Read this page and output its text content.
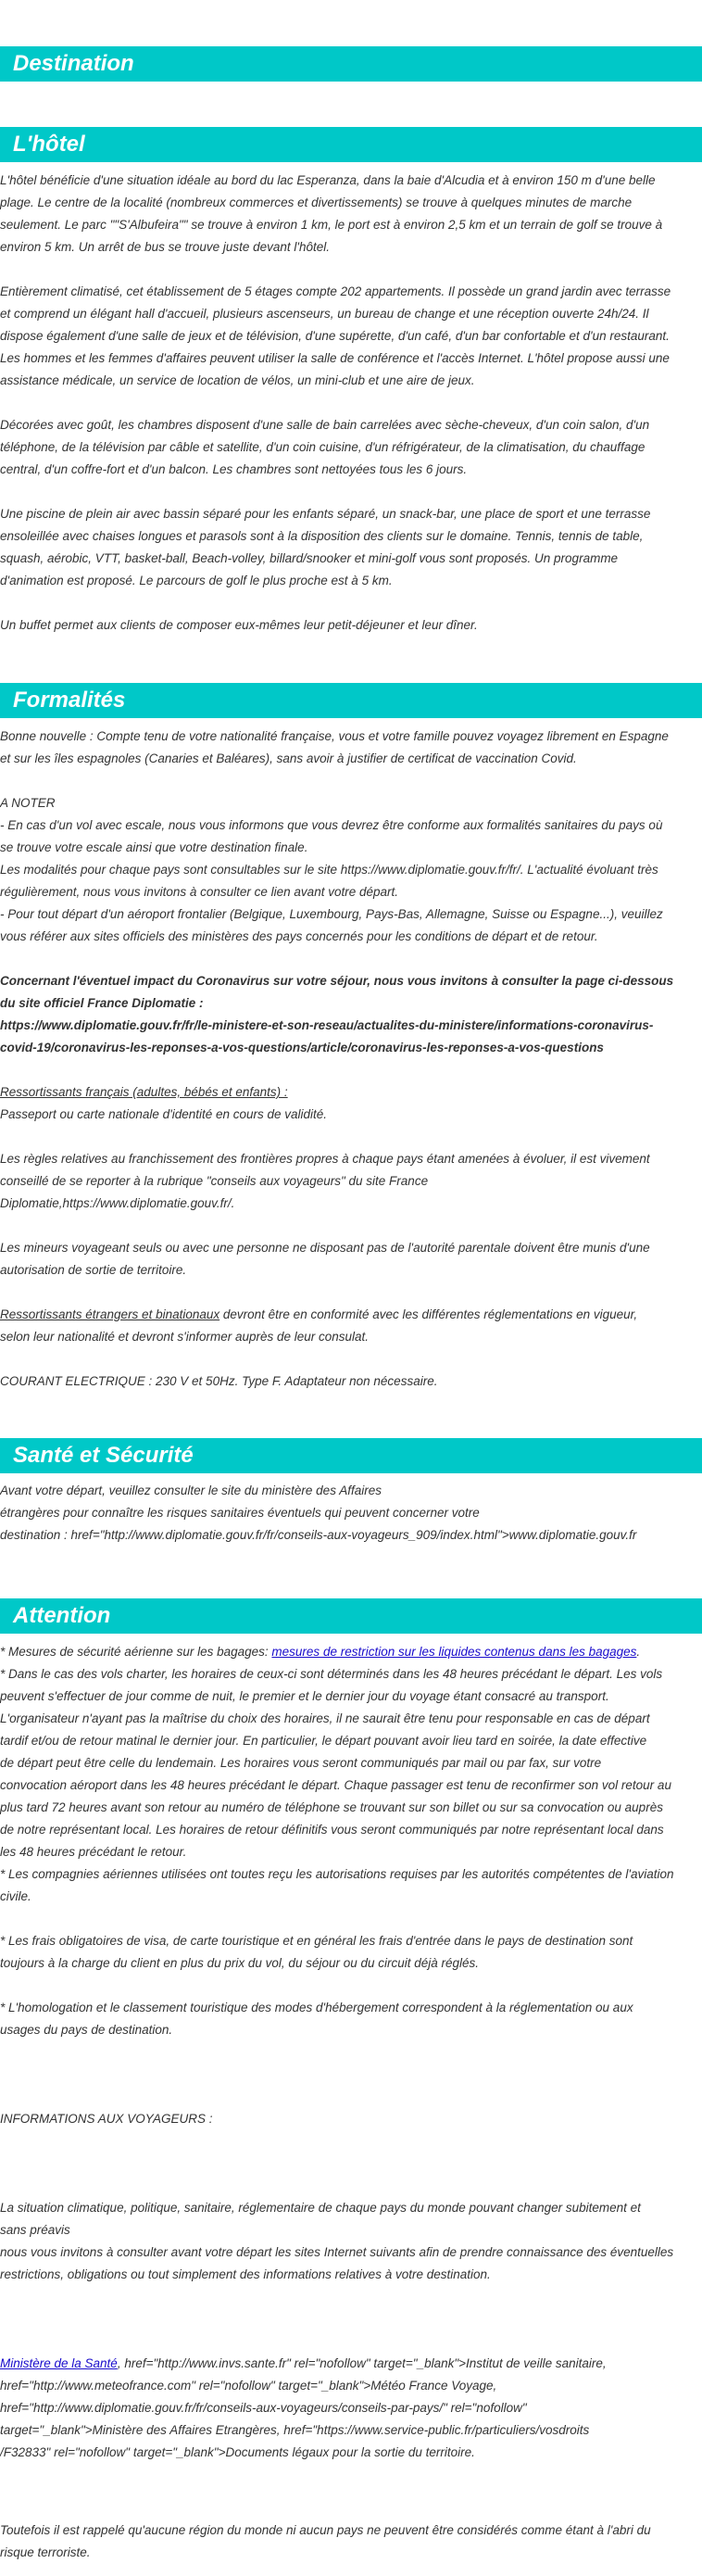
Destination
L'hôtel

L'hôtel bénéficie d'une situation idéale au bord du lac Esperanza, dans la baie d'Alcudia et à environ 150 m d'une belle
plage. Le centre de la localité (nombreux commerces et divertissements) se trouve à quelques minutes de marche
seulement. Le parc ""S'Albufeira"" se trouve à environ 1 km, le port est à environ 2,5 km et un terrain de golf se trouve à
environ 5 km. Un arrêt de bus se trouve juste devant l'hôtel.

Entièrement climatisé, cet établissement de 5 étages compte 202 appartements. Il possède un grand jardin avec terrasse
et comprend un élégant hall d'accueil, plusieurs ascenseurs, un bureau de change et une réception ouverte 24h/24. Il
dispose également d'une salle de jeux et de télévision, d'une supérette, d'un café, d'un bar confortable et d'un restaurant.
Les hommes et les femmes d'affaires peuvent utiliser la salle de conférence et l'accès Internet. L'hôtel propose aussi une
assistance médicale, un service de location de vélos, un mini-club et une aire de jeux.

Décorées avec goût, les chambres disposent d'une salle de bain carrelées avec sèche-cheveux, d'un coin salon, d'un
téléphone, de la télévision par câble et satellite, d'un coin cuisine, d'un réfrigérateur, de la climatisation, du chauffage
central, d'un coffre-fort et d'un balcon. Les chambres sont nettoyées tous les 6 jours.

Une piscine de plein air avec bassin séparé pour les enfants séparé, un snack-bar, une place de sport et une terrasse
ensoleillée avec chaises longues et parasols sont à la disposition des clients sur le domaine. Tennis, tennis de table,
squash, aérobic, VTT, basket-ball, Beach-volley, billard/snooker et mini-golf vous sont proposés. Un programme
d'animation est proposé. Le parcours de golf le plus proche est à 5 km.

Un buffet permet aux clients de composer eux-mêmes leur petit-déjeuner et leur dîner.

Formalités

Bonne nouvelle : Compte tenu de votre nationalité française, vous et votre famille pouvez voyagez librement en Espagne
et sur les îles espagnoles (Canaries et Baléares), sans avoir à justifier de certificat de vaccination Covid.

A NOTER
- En cas d'un vol avec escale, nous vous informons que vous devrez être conforme aux formalités sanitaires du pays où
se trouve votre escale ainsi que votre destination finale.
Les modalités pour chaque pays sont consultables sur le site https://www.diplomatie.gouv.fr/fr/. L'actualité évoluant très
régulièrement, nous vous invitons à consulter ce lien avant votre départ.
- Pour tout départ d'un aéroport frontalier (Belgique, Luxembourg, Pays-Bas, Allemagne, Suisse ou Espagne...), veuillez
vous référer aux sites officiels des ministères des pays concernés pour les conditions de départ et de retour.

Concernant l'éventuel impact du Coronavirus sur votre séjour, nous vous invitons à consulter la page ci-dessous
du site officiel France Diplomatie :
https://www.diplomatie.gouv.fr/fr/le-ministere-et-son-reseau/actualites-du-ministere/informations-coronavirus-
covid-19/coronavirus-les-reponses-a-vos-questions/article/coronavirus-les-reponses-a-vos-questions

Ressortissants français (adultes, bébés et enfants) :
Passeport ou carte nationale d'identité en cours de validité.

Les règles relatives au franchissement des frontières propres à chaque pays étant amenées à évoluer, il est vivement
conseillé de se reporter à la rubrique "conseils aux voyageurs" du site France
Diplomatie,https://www.diplomatie.gouv.fr/.

Les mineurs voyageant seuls ou avec une personne ne disposant pas de l'autorité parentale doivent être munis d'une
autorisation de sortie de territoire.

Ressortissants étrangers et binationaux devront être en conformité avec les différentes réglementations en vigueur,
selon leur nationalité et devront s'informer auprès de leur consulat.

COURANT ELECTRIQUE : 230 V et 50Hz. Type F. Adaptateur non nécessaire.

Santé et Sécurité

Avant votre départ, veuillez consulter le site du ministère des Affaires
étrangères pour connaître les risques sanitaires éventuels qui peuvent concerner votre
destination : href="http://www.diplomatie.gouv.fr/fr/conseils-aux-voyageurs_909/index.html">www.diplomatie.gouv.fr

Attention

* Mesures de sécurité aérienne sur les bagages: mesures de restriction sur les liquides contenus dans les bagages.
* Dans le cas des vols charter, les horaires de ceux-ci sont déterminés dans les 48 heures précédant le départ. Les vols
peuvent s'effectuer de jour comme de nuit, le premier et le dernier jour du voyage étant consacré au transport.
L'organisateur n'ayant pas la maîtrise du choix des horaires, il ne saurait être tenu pour responsable en cas de départ
tardif et/ou de retour matinal le dernier jour. En particulier, le départ pouvant avoir lieu tard en soirée, la date effective
de départ peut être celle du lendemain. Les horaires vous seront communiqués par mail ou par fax, sur votre
convocation aéroport dans les 48 heures précédant le départ. Chaque passager est tenu de reconfirmer son vol retour au
plus tard 72 heures avant son retour au numéro de téléphone se trouvant sur son billet ou sur sa convocation ou auprès
de notre représentant local. Les horaires de retour définitifs vous seront communiqués par notre représentant local dans
les 48 heures précédant le retour.
* Les compagnies aériennes utilisées ont toutes reçu les autorisations requises par les autorités compétentes de l'aviation
civile.

* Les frais obligatoires de visa, de carte touristique et en général les frais d'entrée dans le pays de destination sont
toujours à la charge du client en plus du prix du vol, du séjour ou du circuit déjà réglés.

* L'homologation et le classement touristique des modes d'hébergement correspondent à la réglementation ou aux
usages du pays de destination.

INFORMATIONS AUX VOYAGEURS :

La situation climatique, politique, sanitaire, réglementaire de chaque pays du monde pouvant changer subitement et
sans préavis
nous vous invitons à consulter avant votre départ les sites Internet suivants afin de prendre connaissance des éventuelles
restrictions, obligations ou tout simplement des informations relatives à votre destination.

Ministère de la Santé, href="http://www.invs.sante.fr" rel="nofollow" target="_blank">Institut de veille sanitaire,
href="http://www.meteofrance.com" rel="nofollow" target="_blank">Météo France Voyage,
href="http://www.diplomatie.gouv.fr/fr/conseils-aux-voyageurs/conseils-par-pays/" rel="nofollow"
target="_blank">Ministère des Affaires Etrangères, href="https://www.service-public.fr/particuliers/vosdroits
/F32833" rel="nofollow" target="_blank">Documents légaux pour la sortie du territoire.

Toutefois il est rappelé qu'aucune région du monde ni aucun pays ne peuvent être considérés comme étant à l'abri du
risque terroriste.
